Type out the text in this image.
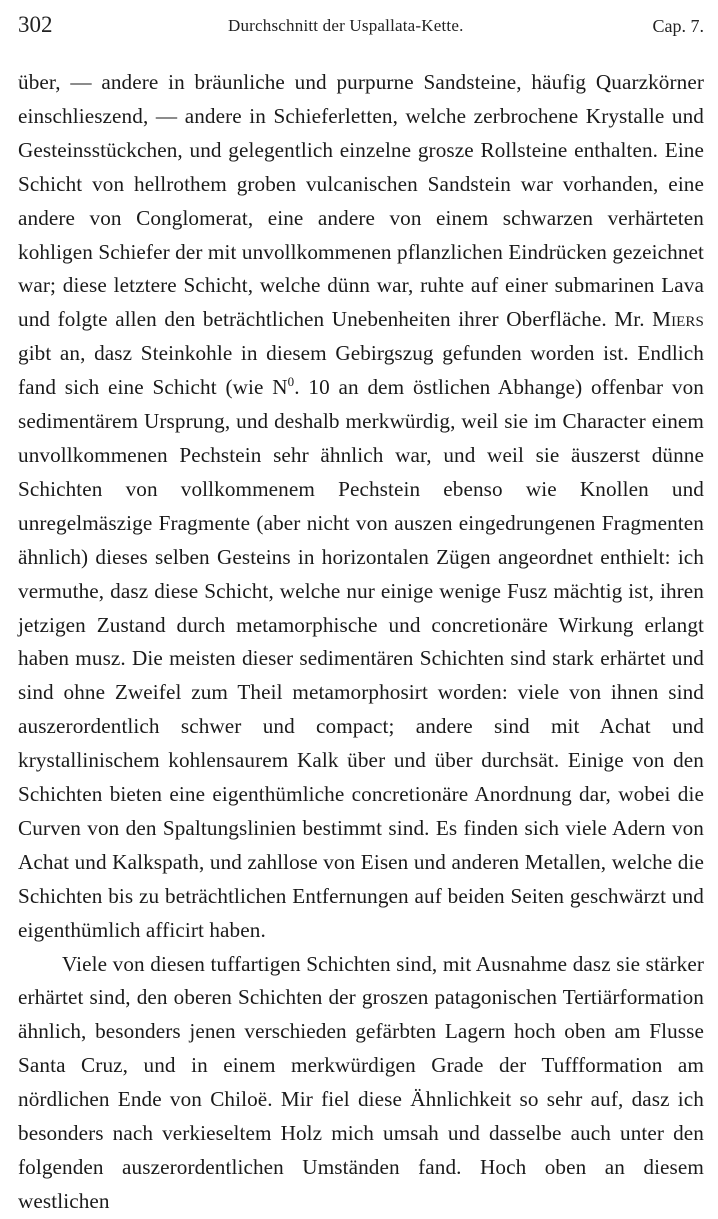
302	Durchschnitt der Uspallata-Kette.	Cap. 7.

über, — andere in bräunliche und purpurne Sandsteine, häufig Quarzkörner einschlieszend, — andere in Schieferletten, welche zerbrochene Krystalle und Gesteinsstückchen, und gelegentlich einzelne grosze Rollsteine enthalten. Eine Schicht von hellrothem groben vulcanischen Sandstein war vorhanden, eine andere von Conglomerat, eine andere von einem schwarzen verhärteten kohligen Schiefer der mit unvollkommenen pflanzlichen Eindrücken gezeichnet war; diese letztere Schicht, welche dünn war, ruhte auf einer submarinen Lava und folgte allen den beträchtlichen Unebenheiten ihrer Oberfläche. Mr. Miers gibt an, dasz Steinkohle in diesem Gebirgszug gefunden worden ist. Endlich fand sich eine Schicht (wie $N^0$. 10 an dem östlichen Abhange) offenbar von sedimentärem Ursprung, und deshalb merkwürdig, weil sie im Character einem unvollkommenen Pechstein sehr ähnlich war, und weil sie äuszerst dünne Schichten von vollkommenem Pechstein ebenso wie Knollen und unregelmäszige Fragmente (aber nicht von auszen eingedrungenen Fragmenten ähnlich) dieses selben Gesteins in horizontalen Zügen angeordnet enthielt: ich vermuthe, dasz diese Schicht, welche nur einige wenige Fusz mächtig ist, ihren jetzigen Zustand durch metamorphische und concretionäre Wirkung erlangt haben musz. Die meisten dieser sedimentären Schichten sind stark erhärtet und sind ohne Zweifel zum Theil metamorphosirt worden: viele von ihnen sind auszerordentlich schwer und compact; andere sind mit Achat und krystallinischem kohlensaurem Kalk über und über durchsät. Einige von den Schichten bieten eine eigenthümliche concretionäre Anordnung dar, wobei die Curven von den Spaltungslinien bestimmt sind. Es finden sich viele Adern von Achat und Kalkspath, und zahllose von Eisen und anderen Metallen, welche die Schichten bis zu beträchtlichen Entfernungen auf beiden Seiten geschwärzt und eigenthümlich afficirt haben.

Viele von diesen tuffartigen Schichten sind, mit Ausnahme dasz sie stärker erhärtet sind, den oberen Schichten der groszen patagonischen Tertiärformation ähnlich, besonders jenen verschieden gefärbten Lagern hoch oben am Flusse Santa Cruz, und in einem merkwürdigen Grade der Tuffformation am nördlichen Ende von Chiloë. Mir fiel diese Ähnlichkeit so sehr auf, dasz ich besonders nach verkieseltem Holz mich umsah und dasselbe auch unter den folgenden auszerordentlichen Umständen fand. Hoch oben an diesem westlichen
